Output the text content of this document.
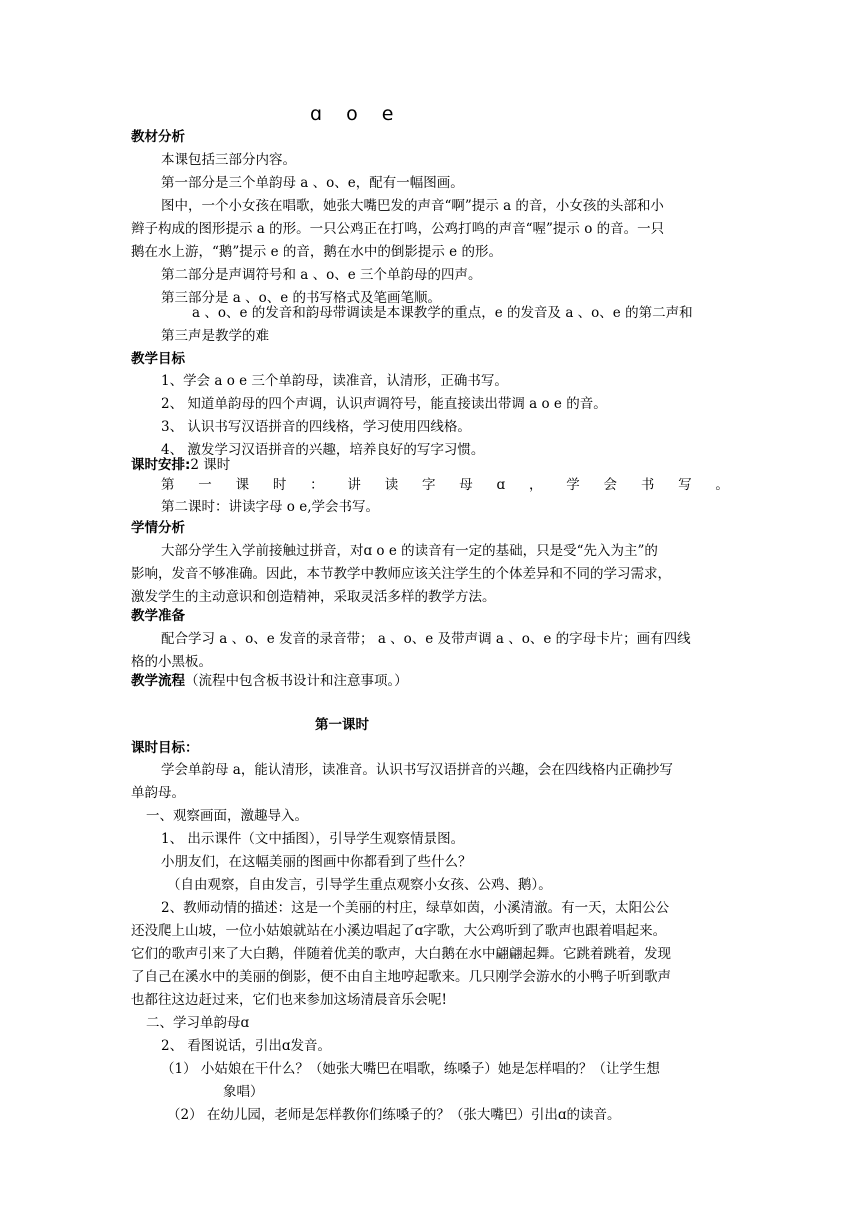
ɑ o e
教材分析
本课包括三部分内容。
第一部分是三个单韵母 a 、o、e，配有一幅图画。
图中，一个小女孩在唱歌，她张大嘴巴发的声音“啊”提示 a 的音，小女孩的头部和小
辫子构成的图形提示 a 的形。一只公鸡正在打鸣，公鸡打鸣的声音“喔”提示 o 的音。一只
鹅在水上游，“鹅”提示 e 的音，鹅在水中的倒影提示 e 的形。
第二部分是声调符号和 a 、o、e 三个单韵母的四声。
第三部分是 a 、o、e 的书写格式及笔画笔顺。
a 、o、e 的发音和韵母带调读是本课教学的重点，e 的发音及 a 、o、e 的第二声和
第三声是教学的难
教学目标
1、学会 a o e 三个单韵母，读准音，认清形，正确书写。
2、 知道单韵母的四个声调，认识声调符号，能直接读出带调 a o e 的音。
3、 认识书写汉语拼音的四线格，学习使用四线格。
4、 激发学习汉语拼音的兴趣，培养良好的写字习惯。
课时安排:2 课时
第 一 课 时 ： 讲 读 字 母 ɑ ， 学 会 书 写 。
第二课时：讲读字母 o e,学会书写。
学情分析
大部分学生入学前接触过拼音，对ɑ o e 的读音有一定的基础，只是受“先入为主”的
影响，发音不够准确。因此，本节教学中教师应该关注学生的个体差异和不同的学习需求，
激发学生的主动意识和创造精神，采取灵活多样的教学方法。
教学准备
配合学习 a 、o、e 发音的录音带； a 、o、e 及带声调 a 、o、e 的字母卡片；画有四线
格的小黑板。
教学流程（流程中包含板书设计和注意事项。）
第一课时
课时目标：
学会单韵母 a，能认清形，读准音。认识书写汉语拼音的兴趣，会在四线格内正确抄写
单韵母。
一、观察画面，激趣导入。
1、 出示课件（文中插图），引导学生观察情景图。
小朋友们，在这幅美丽的图画中你都看到了些什么？
（自由观察，自由发言，引导学生重点观察小女孩、公鸡、鹅）。
2、教师动情的描述：这是一个美丽的村庄，绿草如茵，小溪清澈。有一天，太阳公公
还没爬上山坡，一位小姑娘就站在小溪边唱起了ɑ字歌，大公鸡听到了歌声也跟着唱起来。
它们的歌声引来了大白鹅，伴随着优美的歌声，大白鹅在水中翩翩起舞。它跳着跳着，发现
了自己在溪水中的美丽的倒影，便不由自主地哼起歌来。几只刚学会游水的小鸭子听到歌声
也都往这边赶过来，它们也来参加这场清晨音乐会呢!
二、学习单韵母ɑ
2、 看图说话，引出ɑ发音。
（1） 小姑娘在干什么？（她张大嘴巴在唱歌，练嗓子）她是怎样唱的？（让学生想
象唱）
（2） 在幼儿园，老师是怎样教你们练嗓子的？（张大嘴巴）引出ɑ的读音。
